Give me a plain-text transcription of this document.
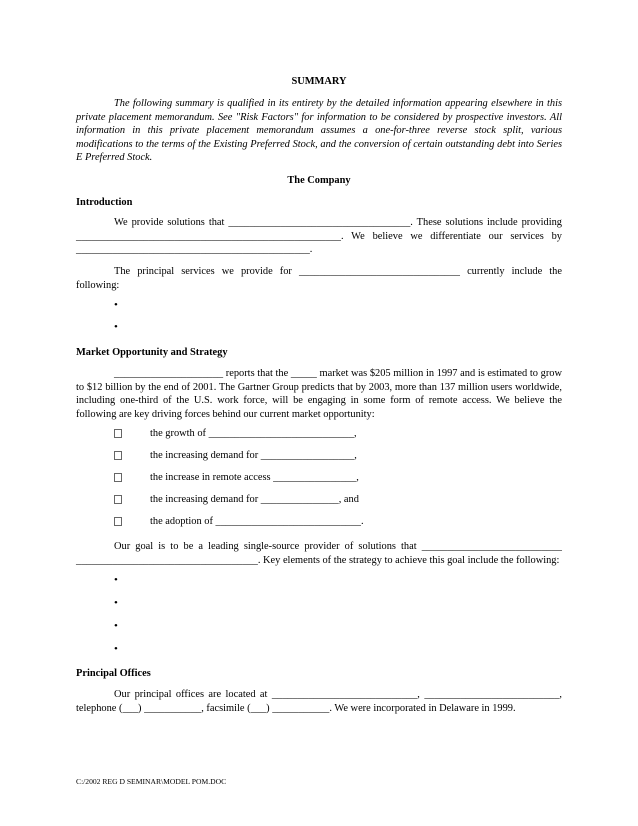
SUMMARY

The following summary is qualified in its entirety by the detailed information appearing elsewhere in this private placement memorandum. See "Risk Factors" for information to be considered by prospective investors. All information in this private placement memorandum assumes a one-for-three reverse stock split, various modifications to the terms of the Existing Preferred Stock, and the conversion of certain outstanding debt into Series E Preferred Stock.

The Company
Introduction

We provide solutions that ___________________________________. These solutions include providing ___________________________________________________. We believe we differentiate our services by _____________________________________________.

The principal services we provide for _______________________________ currently include the following:

•
•
Market Opportunity and Strategy

_____________________ reports that the _____ market was $205 million in 1997 and is estimated to grow to $12 billion by the end of 2001. The Gartner Group predicts that by 2003, more than 137 million users worldwide, including one-third of the U.S. work force, will be engaging in some form of remote access. We believe the following are key driving forces behind our current market opportunity:

the growth of ____________________________,
the increasing demand for __________________,
the increase in remote access ________________,
the increasing demand for _______________, and
the adoption of ____________________________.

Our goal is to be a leading single-source provider of solutions that ___________________________ ___________________________________. Key elements of the strategy to achieve this goal include the following:

•
•
•
•
Principal Offices

Our principal offices are located at ____________________________, __________________________, telephone (___) ___________, facsimile (___) ___________. We were incorporated in Delaware in 1999.

C:/2002 REG D SEMINAR\MODEL POM.DOC
